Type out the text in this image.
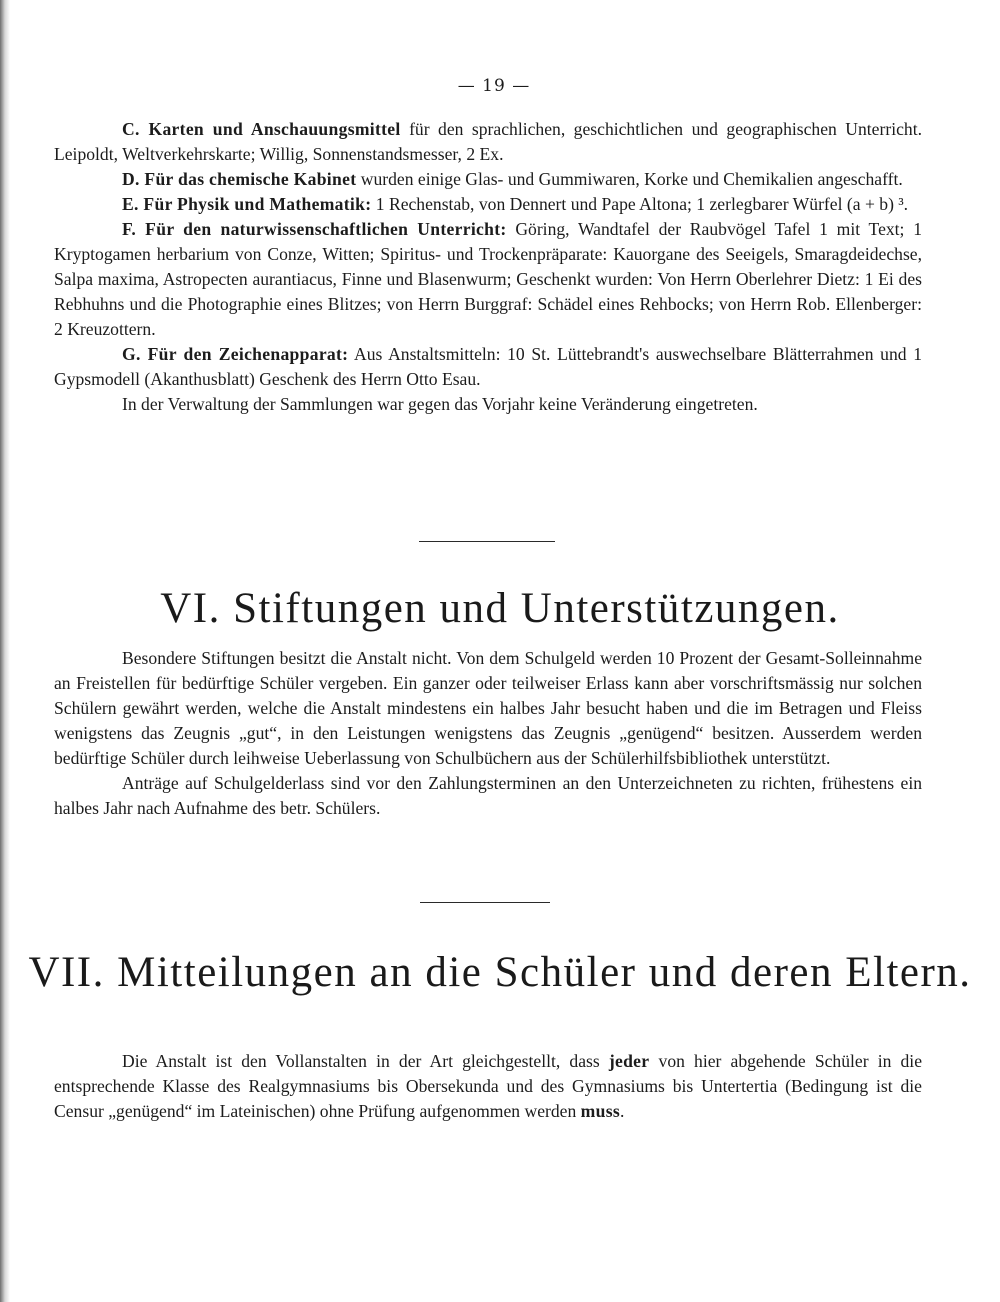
— 19 —

C. Karten und Anschauungsmittel für den sprachlichen, geschichtlichen und geographischen Unterricht. Leipoldt, Weltverkehrskarte; Willig, Sonnenstandsmesser, 2 Ex.

D. Für das chemische Kabinet wurden einige Glas- und Gummiwaren, Korke und Chemikalien angeschafft.

E. Für Physik und Mathematik: 1 Rechenstab, von Dennert und Pape Altona; 1 zerlegbarer Würfel (a + b) ³.

F. Für den naturwissenschaftlichen Unterricht: Göring, Wandtafel der Raubvögel Tafel 1 mit Text; 1 Kryptogamen herbarium von Conze, Witten; Spiritus- und Trockenpräparate: Kauorgane des Seeigels, Smaragdeidechse, Salpa maxima, Astropecten aurantiacus, Finne und Blasenwurm; Geschenkt wurden: Von Herrn Oberlehrer Dietz: 1 Ei des Rebhuhns und die Photographie eines Blitzes; von Herrn Burggraf: Schädel eines Rehbocks; von Herrn Rob. Ellenberger: 2 Kreuzottern.

G. Für den Zeichenapparat: Aus Anstaltsmitteln: 10 St. Lüttebrandt's auswechselbare Blätterrahmen und 1 Gypsmodell (Akanthusblatt) Geschenk des Herrn Otto Esau.

In der Verwaltung der Sammlungen war gegen das Vorjahr keine Veränderung eingetreten.

VI. Stiftungen und Unterstützungen.

Besondere Stiftungen besitzt die Anstalt nicht. Von dem Schulgeld werden 10 Prozent der Gesamt-Solleinnahme an Freistellen für bedürftige Schüler vergeben. Ein ganzer oder teilweiser Erlass kann aber vorschriftsmässig nur solchen Schülern gewährt werden, welche die Anstalt mindestens ein halbes Jahr besucht haben und die im Betragen und Fleiss wenigstens das Zeugnis „gut“, in den Leistungen wenigstens das Zeugnis „genügend“ besitzen. Ausserdem werden bedürftige Schüler durch leihweise Ueberlassung von Schulbüchern aus der Schülerhilfsbibliothek unterstützt.

Anträge auf Schulgelderlass sind vor den Zahlungsterminen an den Unterzeichneten zu richten, frühestens ein halbes Jahr nach Aufnahme des betr. Schülers.

VII. Mitteilungen an die Schüler und deren Eltern.

Die Anstalt ist den Vollanstalten in der Art gleichgestellt, dass jeder von hier abgehende Schüler in die entsprechende Klasse des Realgymnasiums bis Obersekunda und des Gymnasiums bis Untertertia (Bedingung ist die Censur „genügend“ im Lateinischen) ohne Prüfung aufgenommen werden muss.
